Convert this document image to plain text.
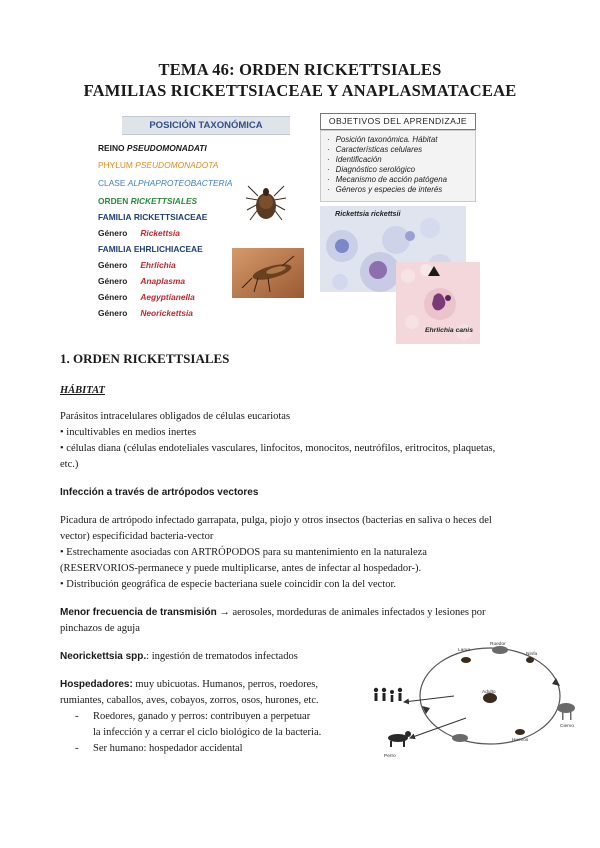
TEMA 46: ORDEN RICKETTSIALES
FAMILIAS RICKETTSIACEAE Y ANAPLASMATACEAE
POSICIÓN TAXONÓMICA
REINO PSEUDOMONADATI
PHYLUM PSEUDOMONADOTA
CLASE ALPHAPROTEOBACTERIA
ORDEN RICKETTSIALES
FAMILIA RICKETTSIACEAE
Género Rickettsia
FAMILIA EHRLICHIACEAE
Género Ehrlichia
Género Anaplasma
Género Aegyptianella
Género Neorickettsia
OBJETIVOS DEL APRENDIZAJE
· Posición taxonómica. Hábitat
· Características celulares
· Identificación
· Diagnóstico serológico
· Mecanismo de acción patógena
· Géneros y especies de interés
Rickettsia rickettsii
Ehrlichia canis
1. ORDEN RICKETTSIALES
HÁBITAT
Parásitos intracelulares obligados de células eucariotas
• incultivables en medios inertes
• células diana (células endoteliales vasculares, linfocitos, monocitos, neutrófilos, eritrocitos, plaquetas,
etc.)
Infección a través de artrópodos vectores
Picadura de artrópodo infectado garrapata, pulga, piojo y otros insectos (bacterias en saliva o heces del
vector) especificidad bacteria-vector
• Estrechamente asociadas con ARTRÓPODOS para su mantenimiento en la naturaleza
(RESERVORIOS-permanece y puede multiplicarse, antes de infectar al hospedador-).
• Distribución geográfica de especie bacteriana suele coincidir con la del vector.
Menor frecuencia de transmisión → aerosoles, mordeduras de animales infectados y lesiones por
pinchazos de aguja
Neorickettsia spp.: ingestión de trematodos infectados
Hospedadores: muy ubicuotas. Humanos, perros, roedores,
rumiantes, caballos, aves, cobayos, zorros, osos, hurones, etc.
- Roedores, ganado y perros: contribuyen a perpetuar
la infección y a cerrar el ciclo biológico de la bacteria.
- Ser humano: hospedador accidental
Larva
Ninfa
Adulto
Huevos
Roedor
Ciervo
Perro
